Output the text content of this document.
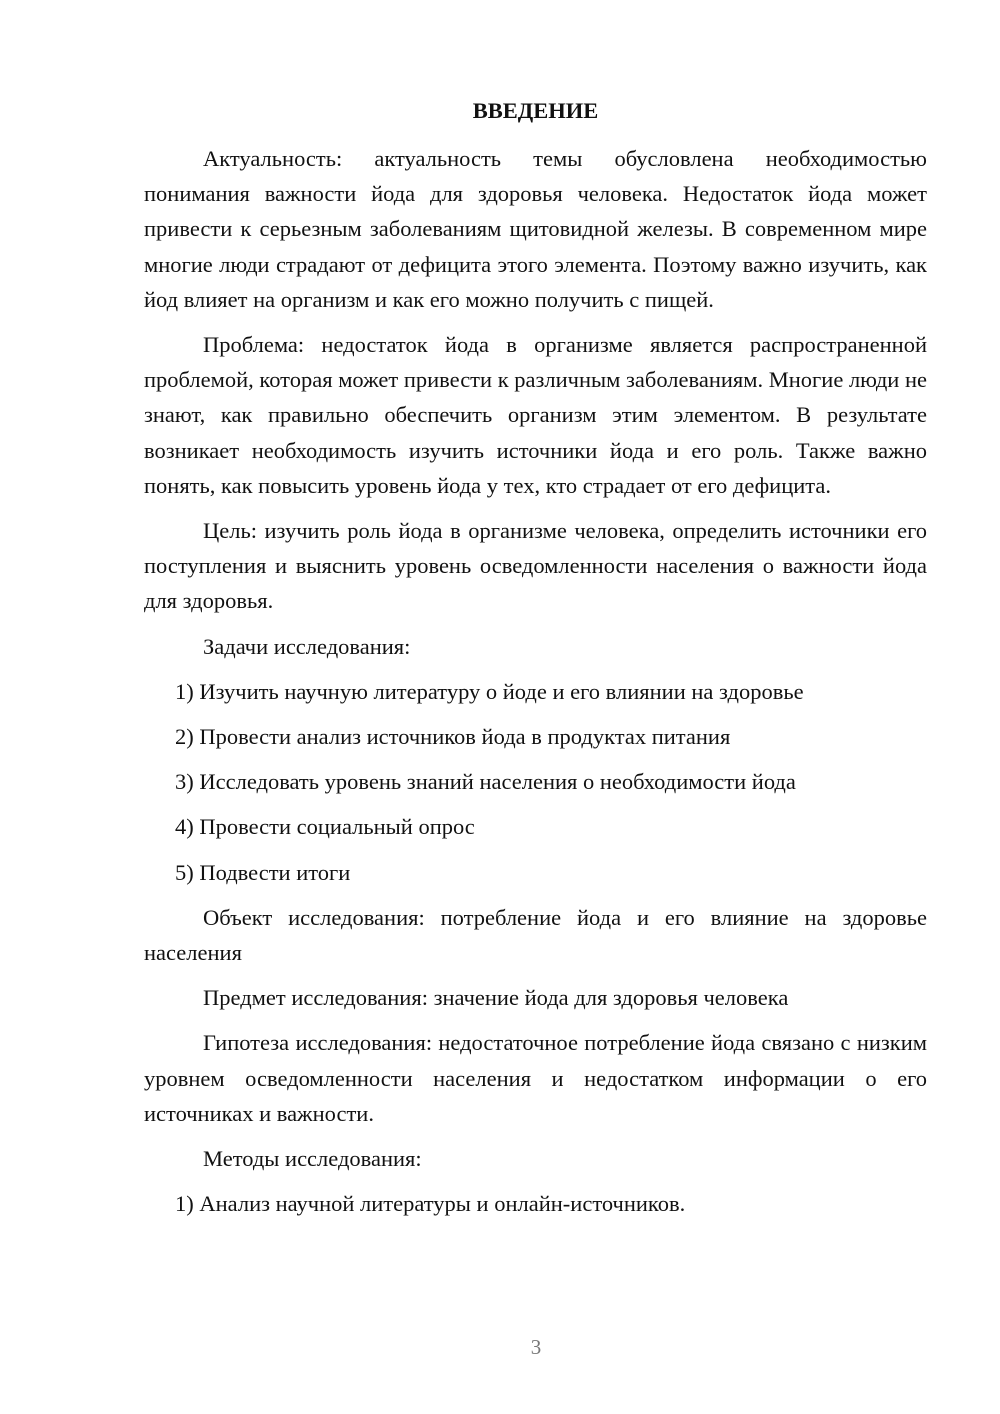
ВВЕДЕНИЕ

Актуальность: актуальность темы обусловлена необходимостью понимания важности йода для здоровья человека. Недостаток йода может привести к серьезным заболеваниям щитовидной железы. В современном мире многие люди страдают от дефицита этого элемента. Поэтому важно изучить, как йод влияет на организм и как его можно получить с пищей.

Проблема: недостаток йода в организме является распространенной проблемой, которая может привести к различным заболеваниям. Многие люди не знают, как правильно обеспечить организм этим элементом. В результате возникает необходимость изучить источники йода и его роль. Также важно понять, как повысить уровень йода у тех, кто страдает от его дефицита.

Цель: изучить роль йода в организме человека, определить источники его поступления и выяснить уровень осведомленности населения о важности йода для здоровья.

Задачи исследования:

1) Изучить научную литературу о йоде и его влиянии на здоровье
2) Провести анализ источников йода в продуктах питания
3) Исследовать уровень знаний населения о необходимости йода
4) Провести социальный опрос
5) Подвести итоги

Объект исследования: потребление йода и его влияние на здоровье населения

Предмет исследования: значение йода для здоровья человека

Гипотеза исследования: недостаточное потребление йода связано с низким уровнем осведомленности населения и недостатком информации о его источниках и важности.

Методы исследования:

1) Анализ научной литературы и онлайн-источников.
3
